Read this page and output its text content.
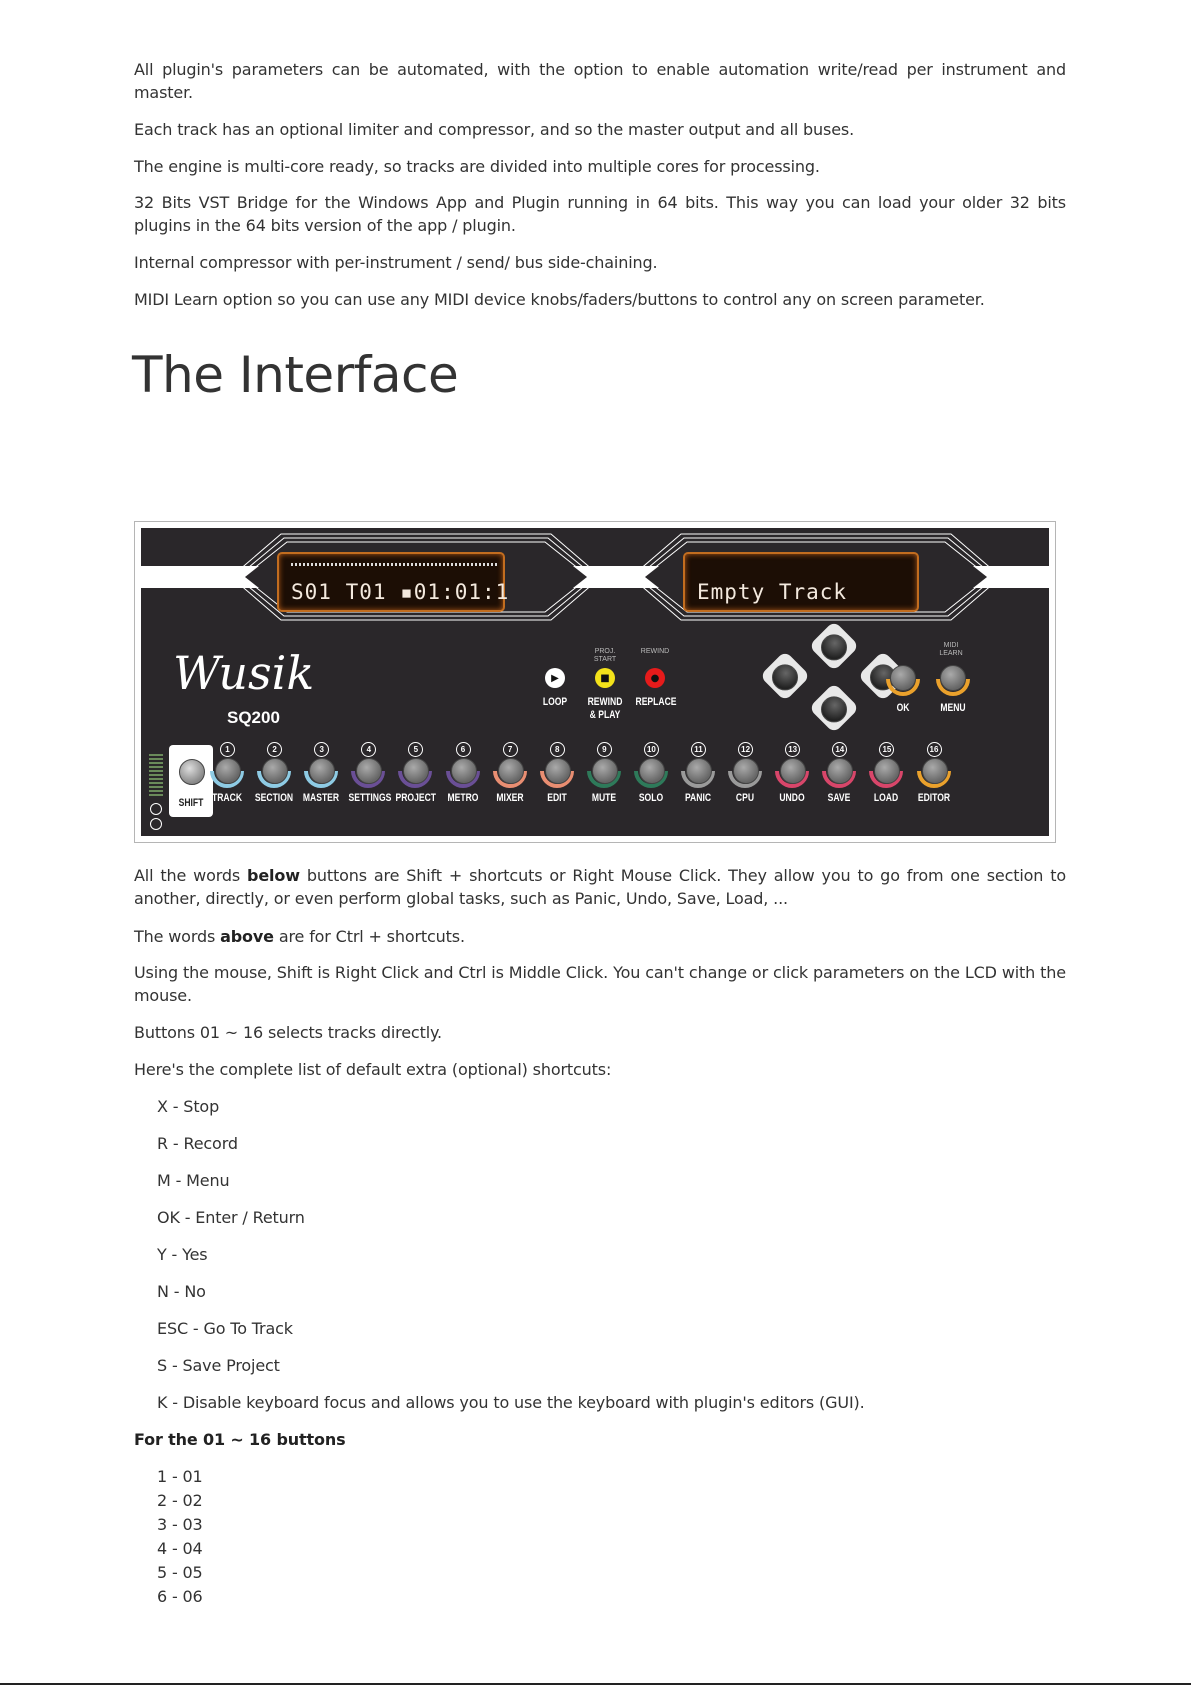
All plugin's parameters can be automated, with the option to enable automation write/read per instrument and master.

Each track has an optional limiter and compressor, and so the master output and all buses.

The engine is multi-core ready, so tracks are divided into multiple cores for processing.

32 Bits VST Bridge for the Windows App and Plugin running in 64 bits. This way you can load your older 32 bits plugins in the 64 bits version of the app / plugin.

Internal compressor with per-instrument / send/ bus side-chaining.

MIDI Learn option so you can use any MIDI device knobs/faders/buttons to control any on screen parameter.

The Interface
S01 T01 ▪01:01:1	Empty Track
Wusik
SQ200
▶
LOOP
PROJ.
START
■
REWIND
& PLAY
REWIND
●
REPLACE	OK
MIDI
LEARN
MENU
SHIFT
1
TRACK
2
SECTION
3
MASTER
4
SETTINGS
5
PROJECT
6
METRO
7
MIXER
8
EDIT
9
MUTE
10
SOLO
11
PANIC
12
CPU
13
UNDO
14
SAVE
15
LOAD
16
EDITOR

All the words below buttons are Shift + shortcuts or Right Mouse Click. They allow you to go from one section to another, directly, or even perform global tasks, such as Panic, Undo, Save, Load, ...

The words above are for Ctrl + shortcuts.

Using the mouse, Shift is Right Click and Ctrl is Middle Click. You can't change or click parameters on the LCD with the mouse.

Buttons 01 ~ 16 selects tracks directly.

Here's the complete list of default extra (optional) shortcuts:

X - Stop

R - Record

M - Menu

OK - Enter / Return

Y - Yes

N - No

ESC - Go To Track

S - Save Project

K - Disable keyboard focus and allows you to use the keyboard with plugin's editors (GUI).

For the 01 ~ 16 buttons

1 - 01

2 - 02

3 - 03

4 - 04

5 - 05

6 - 06
